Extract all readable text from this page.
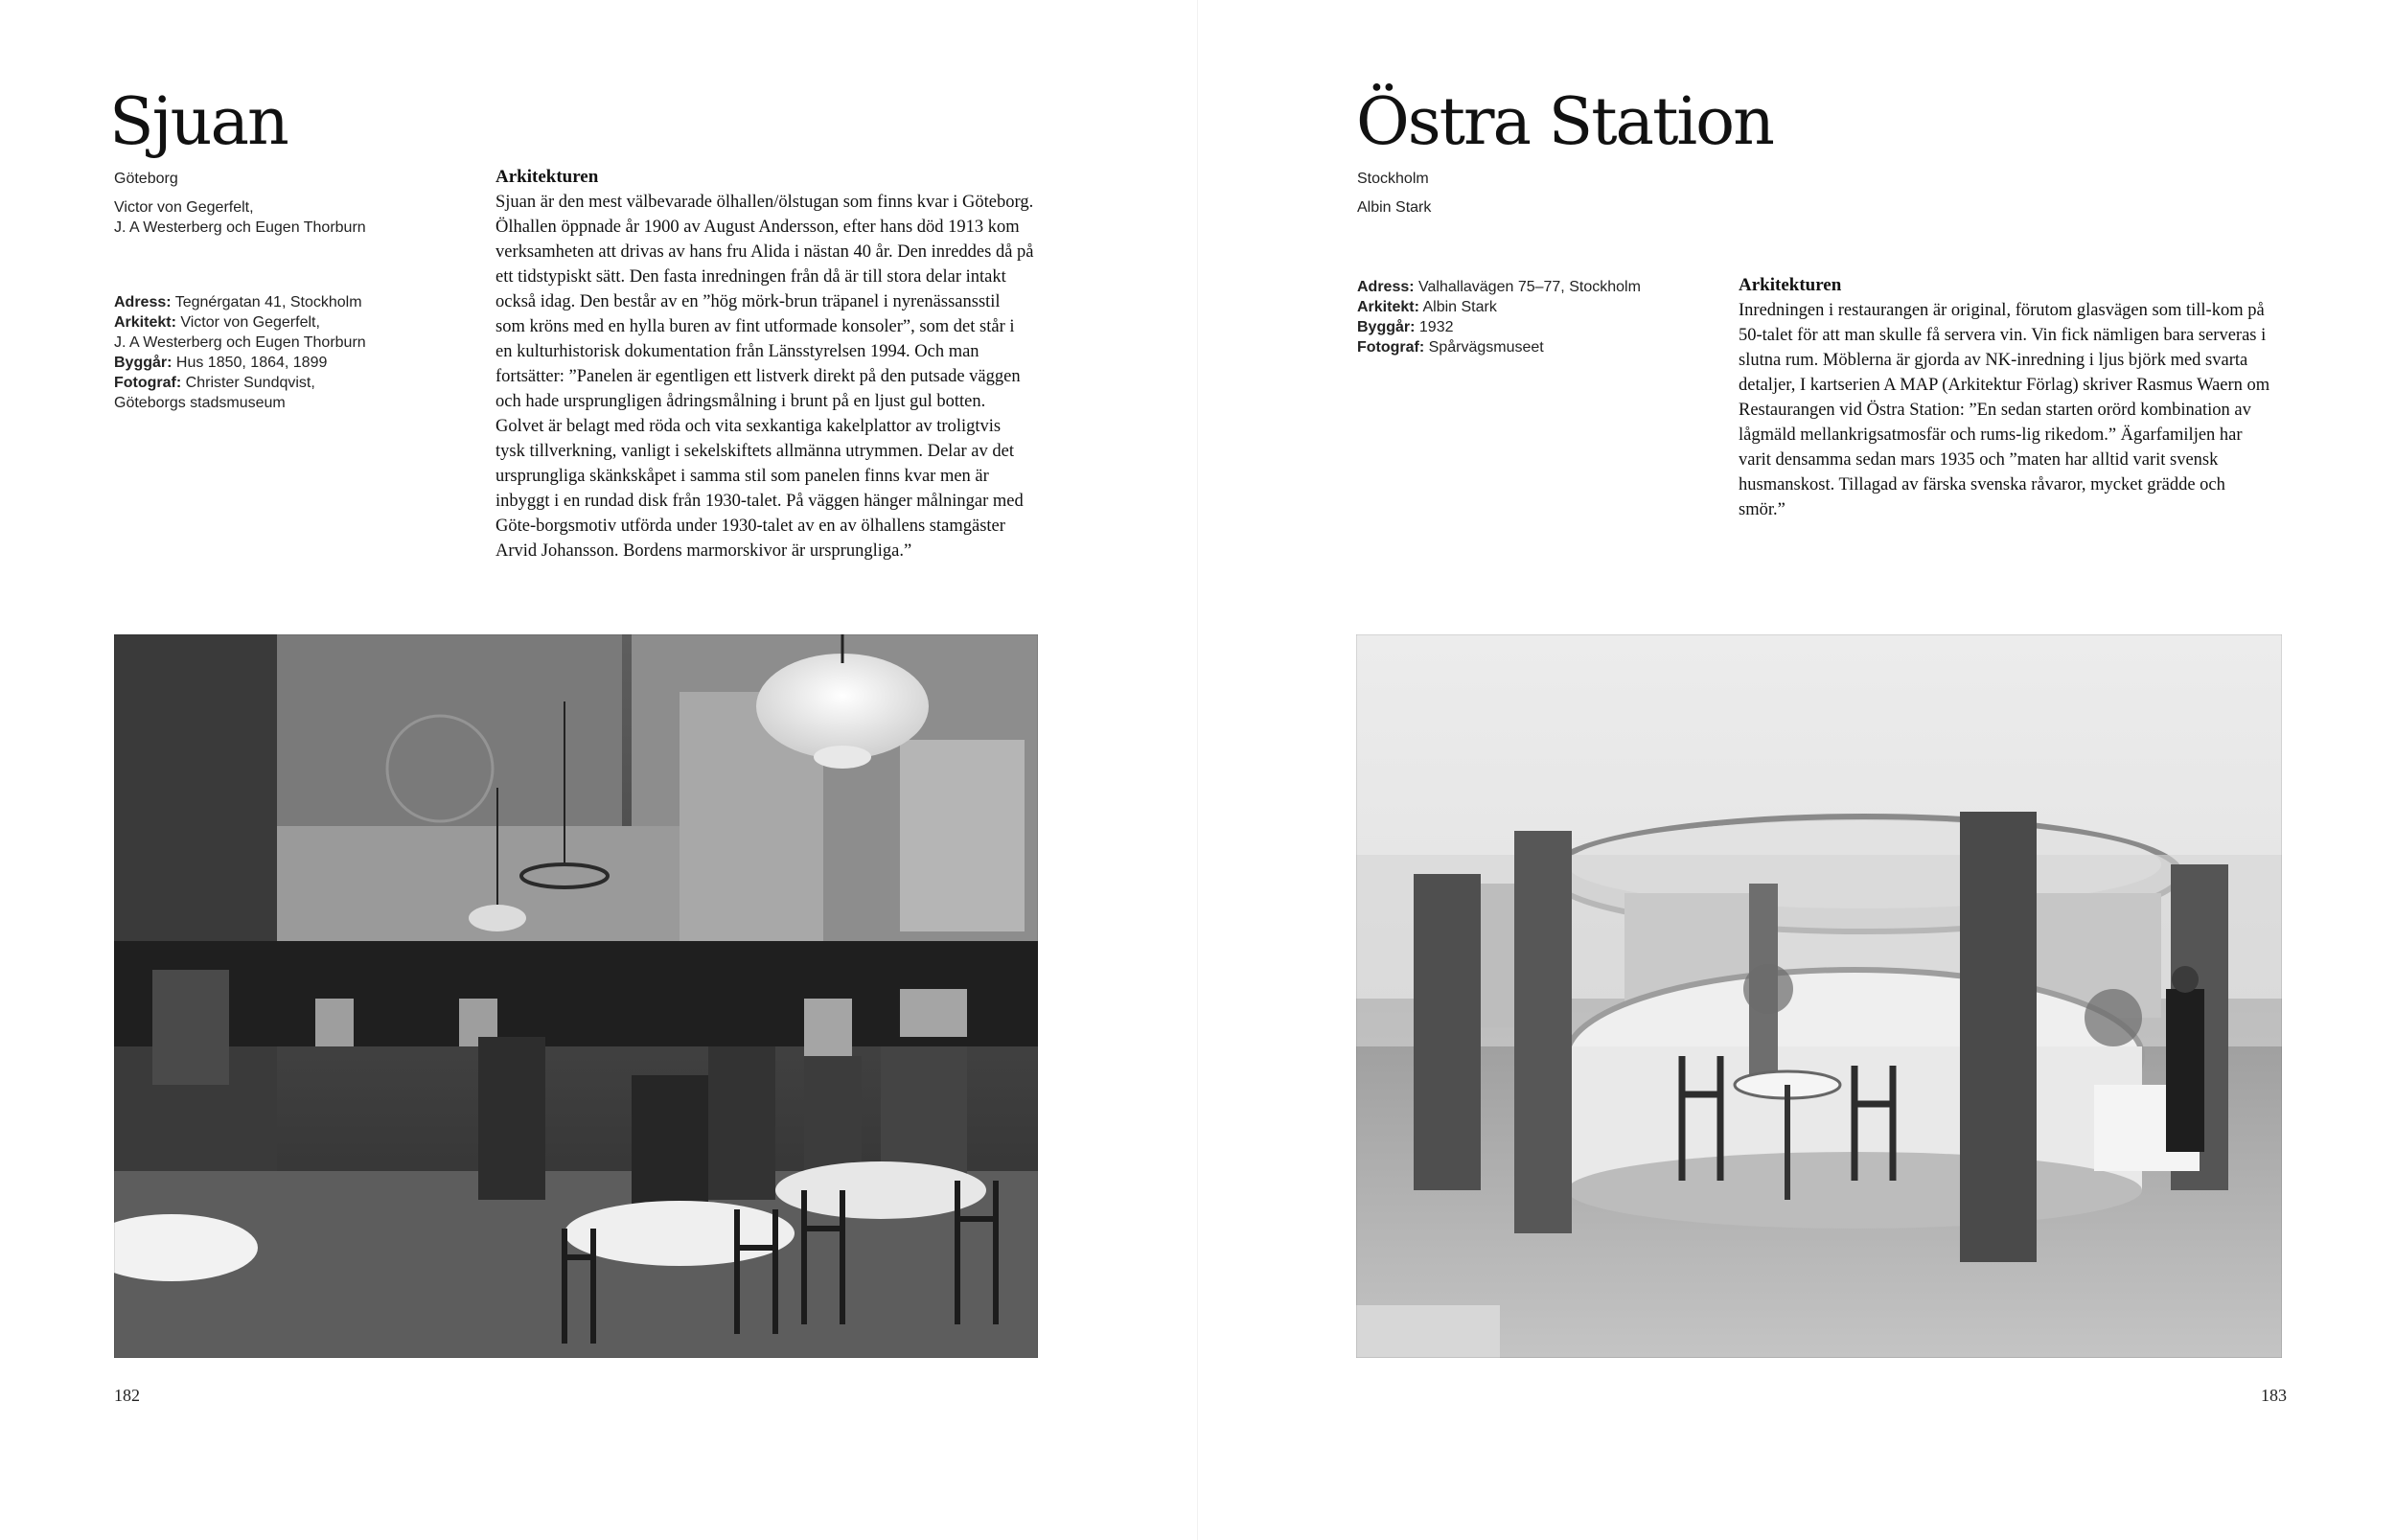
Sjuan

Göteborg

Victor von Gegerfelt,

J. A Westerberg och Eugen Thorburn

Adress: Tegnérgatan 41, Stockholm

Arkitekt: Victor von Gegerfelt,

J. A Westerberg och Eugen Thorburn

Byggår: Hus 1850, 1864, 1899

Fotograf: Christer Sundqvist,

Göteborgs stadsmuseum

Arkitekturen

Sjuan är den mest välbevarade ölhallen/ölstugan som finns kvar i Göteborg. Ölhallen öppnade år 1900 av August Andersson, efter hans död 1913 kom verksamheten att drivas av hans fru Alida i nästan 40 år. Den inreddes då på ett tidstypiskt sätt. Den fasta inredningen från då är till stora delar intakt också idag. Den består av en ”hög mörk-brun träpanel i nyrenässansstil som kröns med en hylla buren av fint utformade konsoler”, som det står i en kulturhistorisk dokumentation från Länsstyrelsen 1994. Och man fortsätter: ”Panelen är egentligen ett listverk direkt på den putsade väggen och hade ursprungligen ådringsmålning i brunt på en ljust gul botten. Golvet är belagt med röda och vita sexkantiga kakelplattor av troligtvis tysk tillverkning, vanligt i sekelskiftets allmänna utrymmen. Delar av det ursprungliga skänkskåpet i samma stil som panelen finns kvar men är inbyggt i en rundad disk från 1930-talet. På väggen hänger målningar med Göte-borgsmotiv utförda under 1930-talet av en av ölhallens stamgäster Arvid Johansson. Bordens marmorskivor är ursprungliga.”

182
Östra Station

Stockholm

Albin Stark

Adress: Valhallavägen 75–77, Stockholm

Arkitekt: Albin Stark

Byggår: 1932

Fotograf: Spårvägsmuseet

Arkitekturen

Inredningen i restaurangen är original, förutom glasvägen som till-kom på 50-talet för att man skulle få servera vin. Vin fick nämligen bara serveras i slutna rum. Möblerna är gjorda av NK-inredning i ljus björk med svarta detaljer, I kartserien A MAP (Arkitektur Förlag) skriver Rasmus Waern om Restaurangen vid Östra Station: ”En sedan starten orörd kombination av lågmäld mellankrigsatmosfär och rums-lig rikedom.” Ägarfamiljen har varit densamma sedan mars 1935 och ”maten har alltid varit svensk husmanskost. Tillagad av färska svenska råvaror, mycket grädde och smör.”

183
